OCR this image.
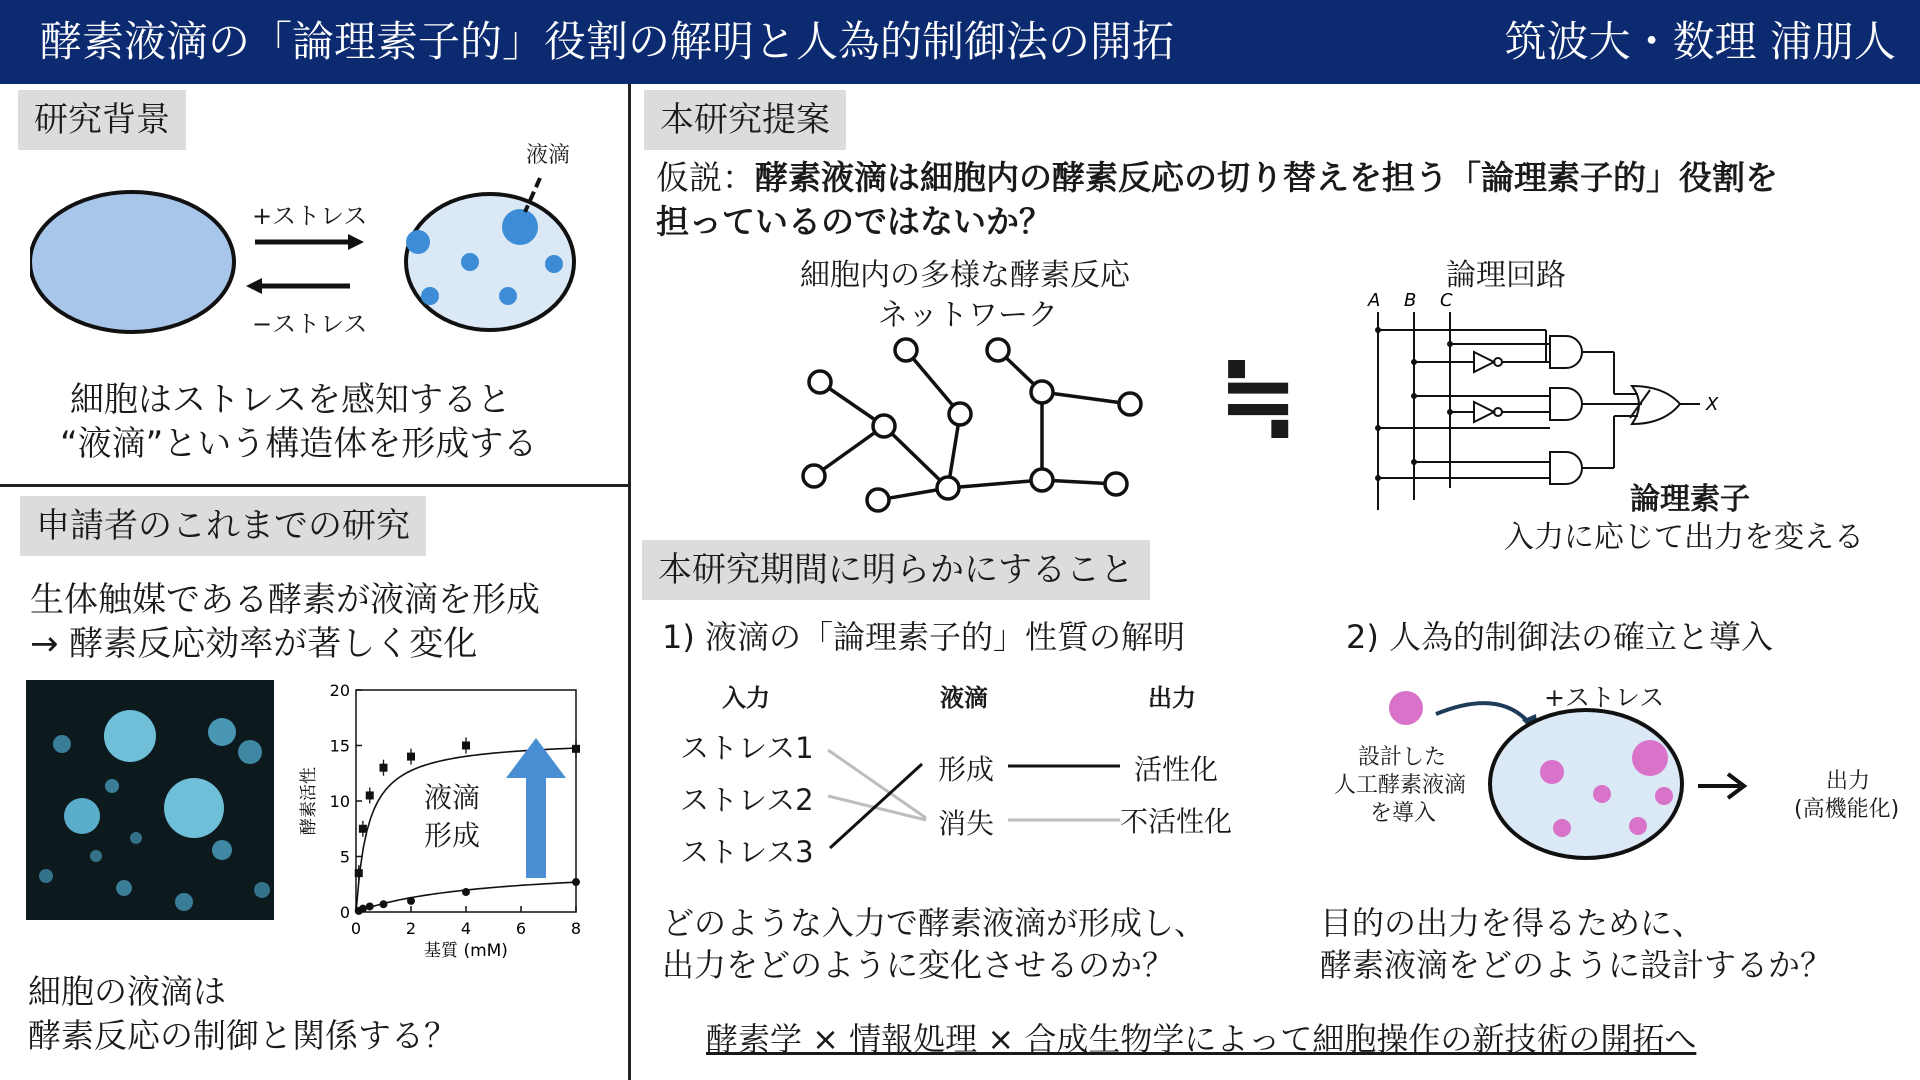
酵素液滴の「論理素子的」役割の解明と人為的制御法の開拓	筑波大・数理 浦朋人
研究背景
液滴
+ストレス
−ストレス
細胞はストレスを感知すると
“液滴”という構造体を形成する
申請者のこれまでの研究
生体触媒である酵素が液滴を形成
→ 酵素反応効率が著しく変化
0	2	4	6	8
0
5
10
15
20
基質 (mM)
酵素活性	液滴
形成
細胞の液滴は
酵素反応の制御と関係する？
本研究提案
仮説：酵素液滴は細胞内の酵素反応の切り替えを担う「論理素子的」役割を
担っているのではないか？
細胞内の多様な酵素反応
ネットワーク
≒
論理回路
A B C
X
論理素子
入力に応じて出力を変える
本研究期間に明らかにすること
1) 液滴の「論理素子的」性質の解明	2) 人為的制御法の確立と導入
入力	液滴	出力
ストレス1
ストレス2
ストレス3
形成
消失
活性化
不活性化
+ストレス
設計した
人工酵素液滴
を導入
出力
(高機能化)
どのような入力で酵素液滴が形成し、
出力をどのように変化させるのか？
目的の出力を得るために、
酵素液滴をどのように設計するか？
酵素学 × 情報処理 × 合成生物学によって細胞操作の新技術の開拓へ
